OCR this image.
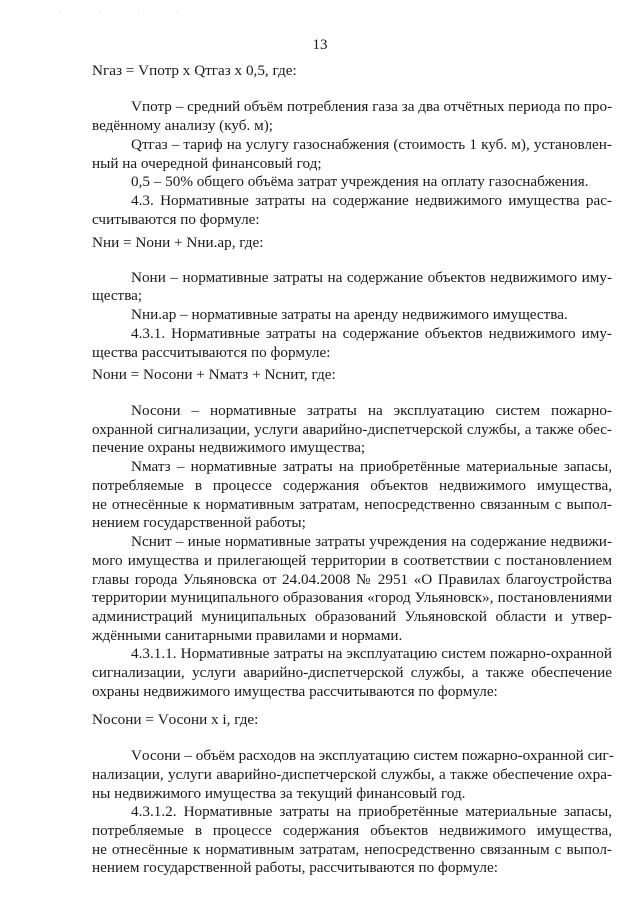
' ' ' '
13
Nгаз = Vпотр x Qтгаз x 0,5, где:
Vпотр – средний объём потребления газа за два отчётных периода по про-
ведённому анализу (куб. м);
Qтгаз – тариф на услугу газоснабжения (стоимость 1 куб. м), установлен-
ный на очередной финансовый год;
0,5 – 50% общего объёма затрат учреждения на оплату газоснабжения.
4.3. Нормативные затраты на содержание недвижимого имущества рас-
считываются по формуле:
Nни = Nони + Nни.ар, где:
Nони – нормативные затраты на содержание объектов недвижимого иму-
щества;
Nни.ар – нормативные затраты на аренду недвижимого имущества.
4.3.1. Нормативные затраты на содержание объектов недвижимого иму-
щества рассчитываются по формуле:
Nони = Nосони + Nматз + Nснит, где:
Nосони – нормативные затраты на эксплуатацию систем пожарно-
охранной сигнализации, услуги аварийно-диспетчерской службы, а также обес-
печение охраны недвижимого имущества;
Nматз – нормативные затраты на приобретённые материальные запасы,
потребляемые в процессе содержания объектов недвижимого имущества,
не отнесённые к нормативным затратам, непосредственно связанным с выпол-
нением государственной работы;
Nснит – иные нормативные затраты учреждения на содержание недвижи-
мого имущества и прилегающей территории в соответствии с постановлением
главы города Ульяновска от 24.04.2008 № 2951 «О Правилах благоустройства
территории муниципального образования «город Ульяновск», постановлениями
администраций муниципальных образований Ульяновской области и утвер-
ждёнными санитарными правилами и нормами.
4.3.1.1. Нормативные затраты на эксплуатацию систем пожарно-охранной
сигнализации, услуги аварийно-диспетчерской службы, а также обеспечение
охраны недвижимого имущества рассчитываются по формуле:
Nосони = Vосони x i, где:
Vосони – объём расходов на эксплуатацию систем пожарно-охранной сиг-
нализации, услуги аварийно-диспетчерской службы, а также обеспечение охра-
ны недвижимого имущества за текущий финансовый год.
4.3.1.2. Нормативные затраты на приобретённые материальные запасы,
потребляемые в процессе содержания объектов недвижимого имущества,
не отнесённые к нормативным затратам, непосредственно связанным с выпол-
нением государственной работы, рассчитываются по формуле:
